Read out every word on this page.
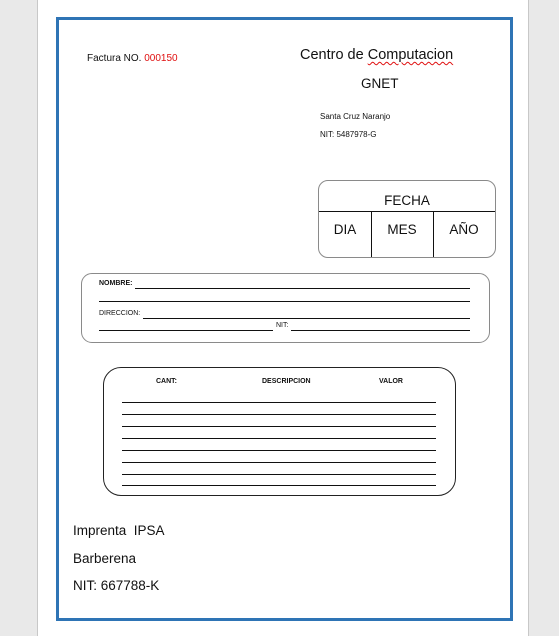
Factura NO. 000150	Centro de Computacion
GNET
Santa Cruz Naranjo
NIT: 5487978-G
FECHA
DIA	MES	AÑO
NOMBRE:
DIRECCION:
NIT:
CANT:	DESCRIPCION	VALOR
Imprenta  IPSA
Barberena
NIT: 667788-K
